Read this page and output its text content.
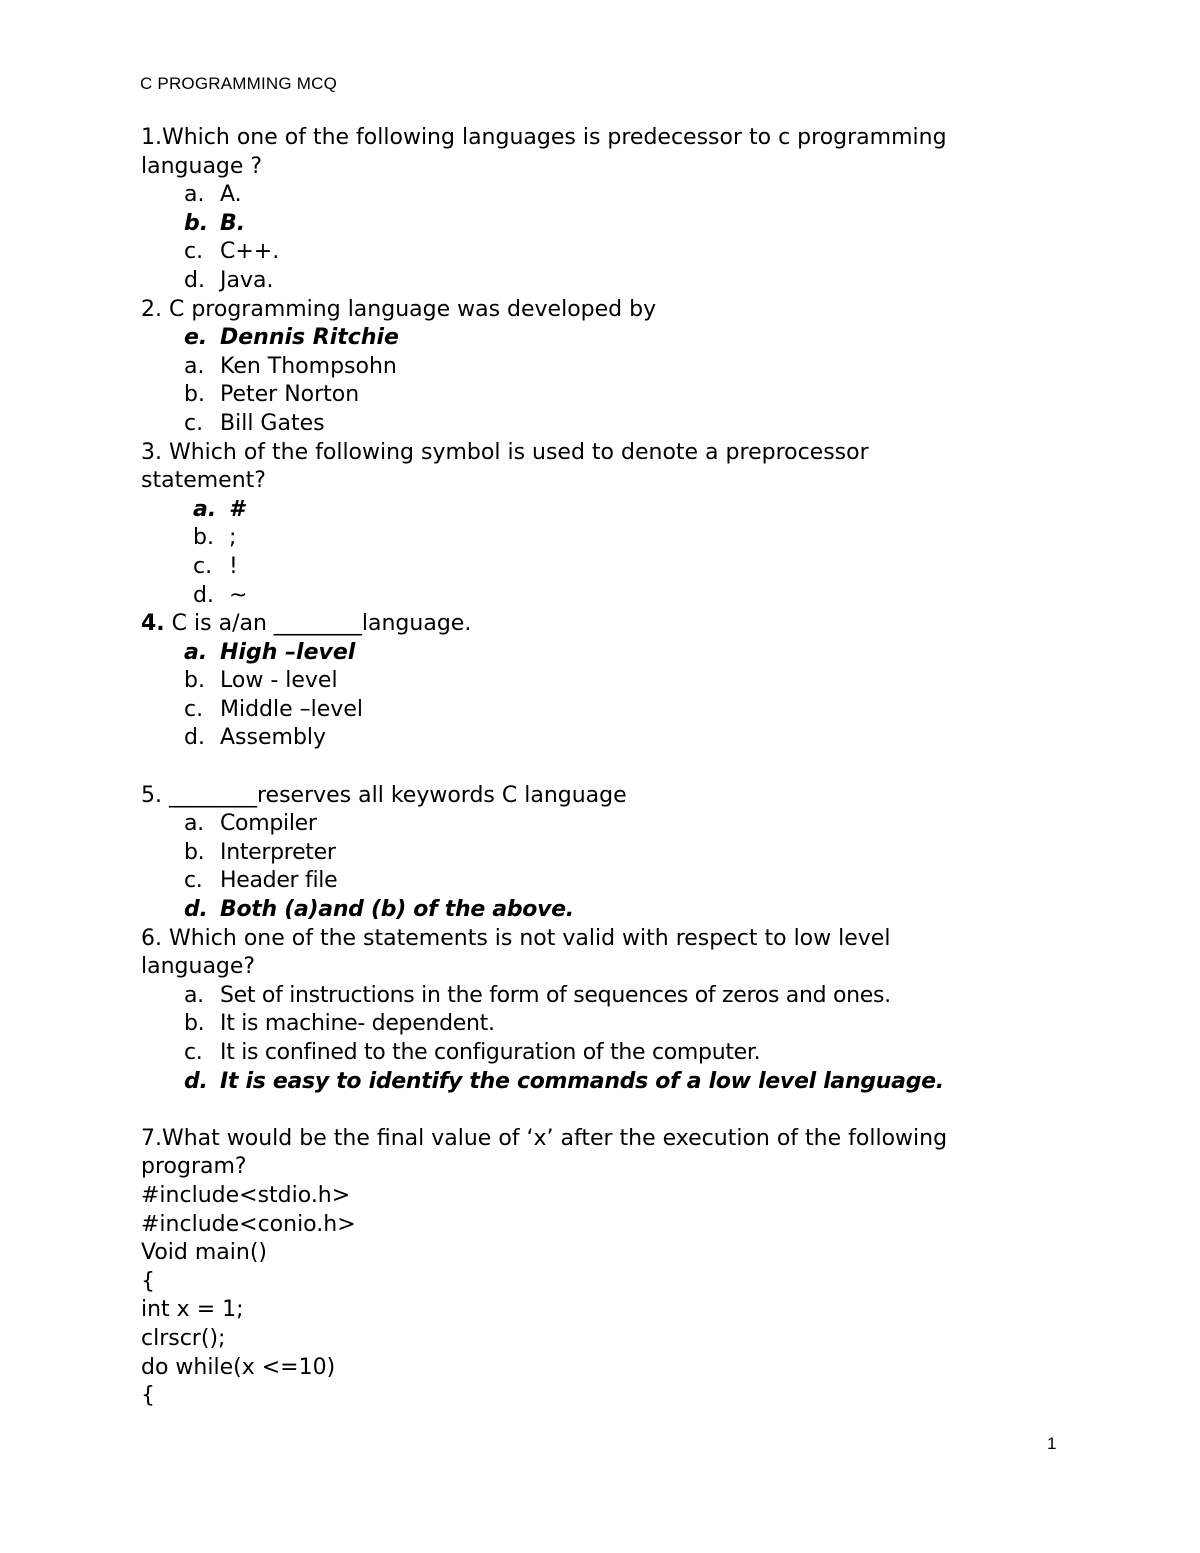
C PROGRAMMING MCQ
1.Which one of the following languages is predecessor to c programming
language ?
a. A.
b. B.
c. C++.
d. Java.
2. C programming language was developed by
e. Dennis Ritchie
a. Ken Thompsohn
b. Peter Norton
c. Bill Gates
3. Which of the following symbol is used to denote a preprocessor
statement?
a. #
b. ;
c. !
d. ~
4. C is a/an ________language.
a. High –level
b. Low - level
c. Middle –level
d. Assembly
5. ________reserves all keywords C language
a. Compiler
b. Interpreter
c. Header file
d. Both (a)and (b) of the above.
6. Which one of the statements is not valid with respect to low level
language?
a. Set of instructions in the form of sequences of zeros and ones.
b. It is machine- dependent.
c. It is confined to the configuration of the computer.
d. It is easy to identify the commands of a low level language.
7.What would be the final value of ‘x’ after the execution of the following
program?
#include<stdio.h>
#include<conio.h>
Void main()
{
int x = 1;
clrscr();
do while(x <=10)
{
1
